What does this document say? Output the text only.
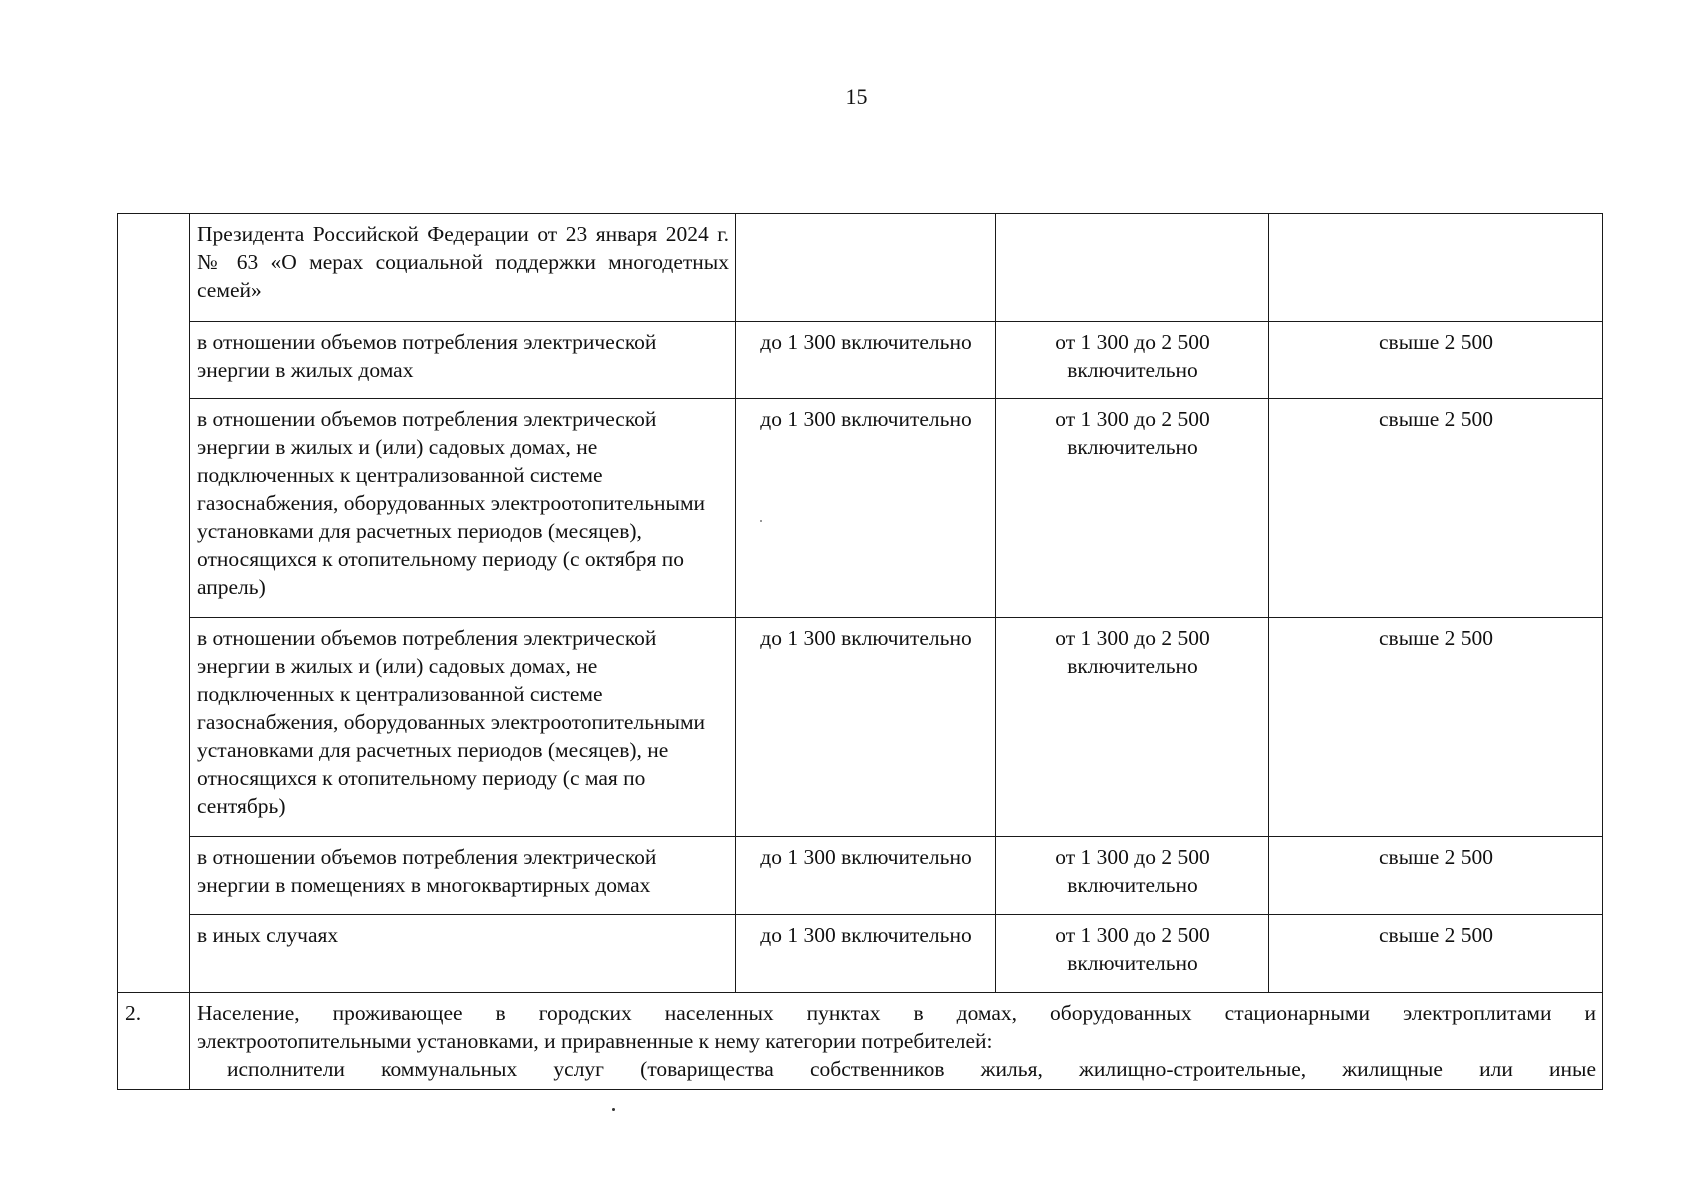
15
	Президента Российской Федерации от 23 января 2024 г. № 63 «О мерах социальной поддержки многодетных семей»			
	в отношении объемов потребления электрической энергии в жилых домах	до 1 300 включительно	от 1 300 до 2 500 включительно	свыше 2 500
	в отношении объемов потребления электрической энергии в жилых и (или) садовых домах, не подключенных к централизованной системе газоснабжения, оборудованных электроотопительными установками для расчетных периодов (месяцев), относящихся к отопительному периоду (с октября по апрель)	до 1 300 включительно	от 1 300 до 2 500 включительно	свыше 2 500
	в отношении объемов потребления электрической энергии в жилых и (или) садовых домах, не подключенных к централизованной системе газоснабжения, оборудованных электроотопительными установками для расчетных периодов (месяцев), не относящихся к отопительному периоду (с мая по сентябрь)	до 1 300 включительно	от 1 300 до 2 500 включительно	свыше 2 500
	в отношении объемов потребления электрической энергии в помещениях в многоквартирных домах	до 1 300 включительно	от 1 300 до 2 500 включительно	свыше 2 500
	в иных случаях	до 1 300 включительно	от 1 300 до 2 500 включительно	свыше 2 500
2.	Население, проживающее в городских населенных пунктах в домах, оборудованных стационарными электроплитами и
электроотопительными установками, и приравненные к нему категории потребителей:
исполнители коммунальных услуг (товарищества собственников жилья, жилищно-строительные, жилищные или иные			
